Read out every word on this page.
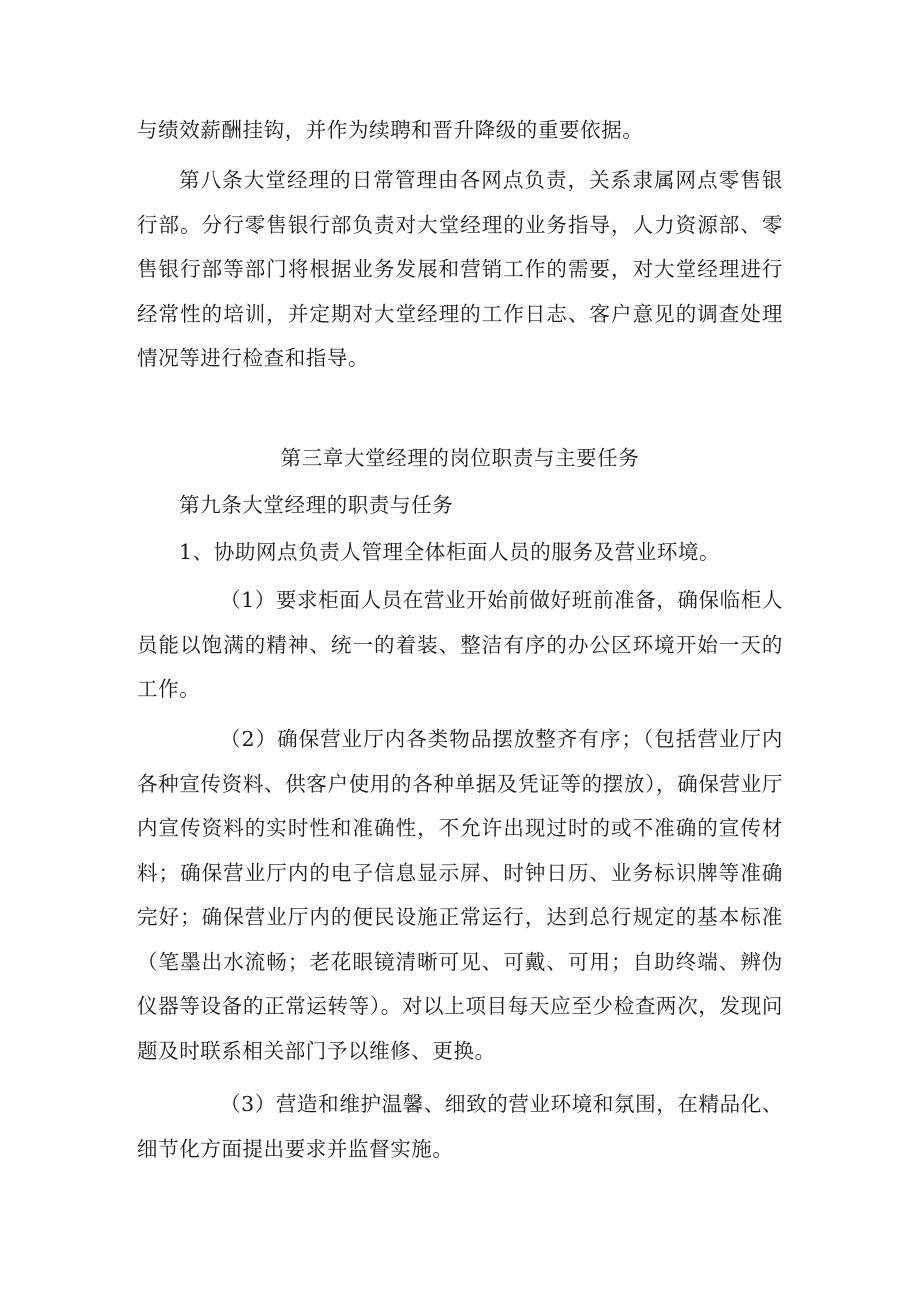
与绩效薪酬挂钩，并作为续聘和晋升降级的重要依据。

第八条大堂经理的日常管理由各网点负责，关系隶属网点零售银行部。分行零售银行部负责对大堂经理的业务指导，人力资源部、零售银行部等部门将根据业务发展和营销工作的需要，对大堂经理进行经常性的培训，并定期对大堂经理的工作日志、客户意见的调查处理情况等进行检查和指导。

第三章大堂经理的岗位职责与主要任务

第九条大堂经理的职责与任务

1、协助网点负责人管理全体柜面人员的服务及营业环境。

（1）要求柜面人员在营业开始前做好班前准备，确保临柜人员能以饱满的精神、统一的着装、整洁有序的办公区环境开始一天的工作。

（2）确保营业厅内各类物品摆放整齐有序；（包括营业厅内各种宣传资料、供客户使用的各种单据及凭证等的摆放），确保营业厅内宣传资料的实时性和准确性，不允许出现过时的或不准确的宣传材料；确保营业厅内的电子信息显示屏、时钟日历、业务标识牌等准确完好；确保营业厅内的便民设施正常运行，达到总行规定的基本标准（笔墨出水流畅；老花眼镜清晰可见、可戴、可用；自助终端、辨伪仪器等设备的正常运转等）。对以上项目每天应至少检查两次，发现问题及时联系相关部门予以维修、更换。

（3）营造和维护温馨、细致的营业环境和氛围，在精品化、细节化方面提出要求并监督实施。
